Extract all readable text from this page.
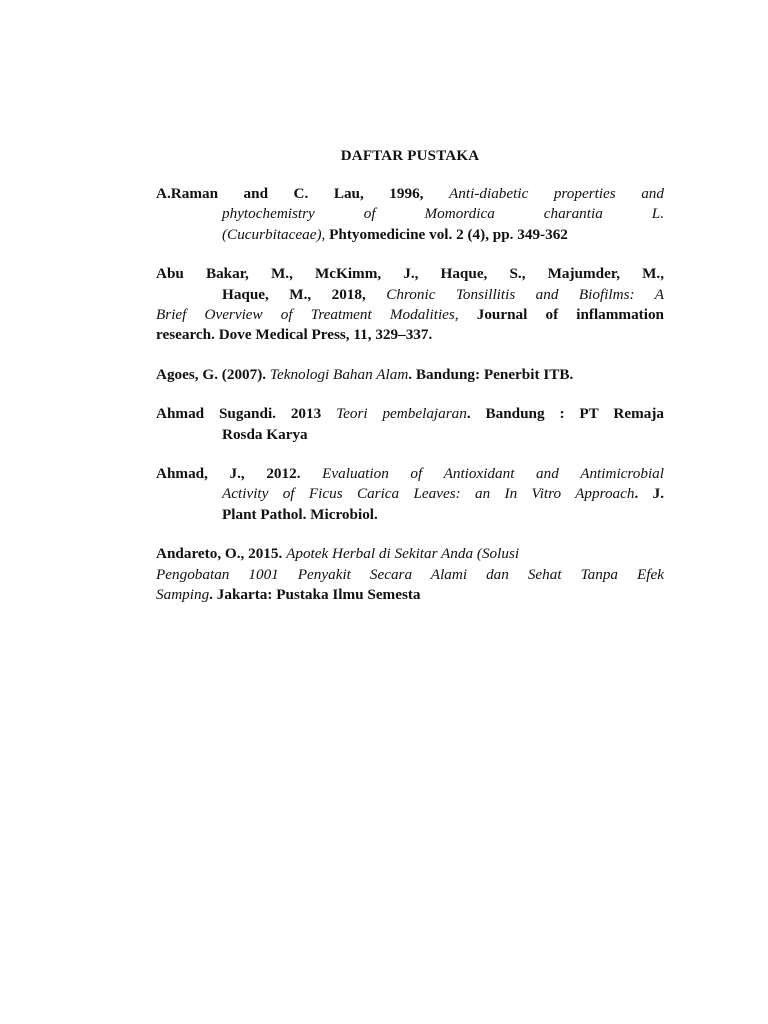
DAFTAR PUSTAKA
A.Raman and C. Lau, 1996, Anti-diabetic properties and
phytochemistry of Momordica charantia L.
(Cucurbitaceae), Phtyomedicine vol. 2 (4), pp. 349-362
Abu Bakar, M., McKimm, J., Haque, S., Majumder, M.,
Haque, M., 2018, Chronic Tonsillitis and Biofilms: A
Brief Overview of Treatment Modalities, Journal of inflammation
research. Dove Medical Press, 11, 329–337.
Agoes, G. (2007). Teknologi Bahan Alam. Bandung: Penerbit ITB.
Ahmad Sugandi. 2013 Teori pembelajaran. Bandung : PT Remaja
Rosda Karya
Ahmad, J., 2012. Evaluation of Antioxidant and Antimicrobial
Activity of Ficus Carica Leaves: an In Vitro Approach. J.
Plant Pathol. Microbiol.
Andareto, O., 2015. Apotek Herbal di Sekitar Anda (Solusi
Pengobatan 1001 Penyakit Secara Alami dan Sehat Tanpa Efek
Samping. Jakarta: Pustaka Ilmu Semesta
